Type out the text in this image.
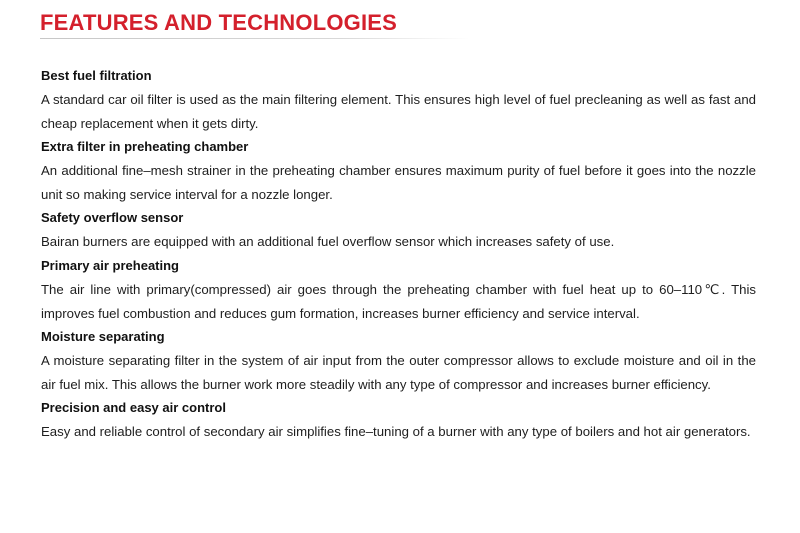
FEATURES AND TECHNOLOGIES
Best fuel filtration
A standard car oil filter is used as the main filtering element. This ensures high level of fuel precleaning as well as fast and cheap replacement when it gets dirty.
Extra filter in preheating chamber
An additional fine–mesh strainer in the preheating chamber ensures maximum purity of fuel before it goes into the nozzle unit so making service interval for a nozzle longer.
Safety overflow sensor
Bairan burners are equipped with an additional fuel overflow sensor which increases safety of use.
Primary air preheating
The air line with primary(compressed) air goes through the preheating chamber with fuel heat up to 60–110℃. This improves fuel combustion and reduces gum formation, increases burner efficiency and service interval.
Moisture separating
A moisture separating filter in the system of air input from the outer compressor allows to exclude moisture and oil in the air fuel mix. This allows the burner work more steadily with any type of compressor and increases burner efficiency.
Precision and easy air control
Easy and reliable control of secondary air simplifies fine–tuning of a burner with any type of boilers and hot air generators.
